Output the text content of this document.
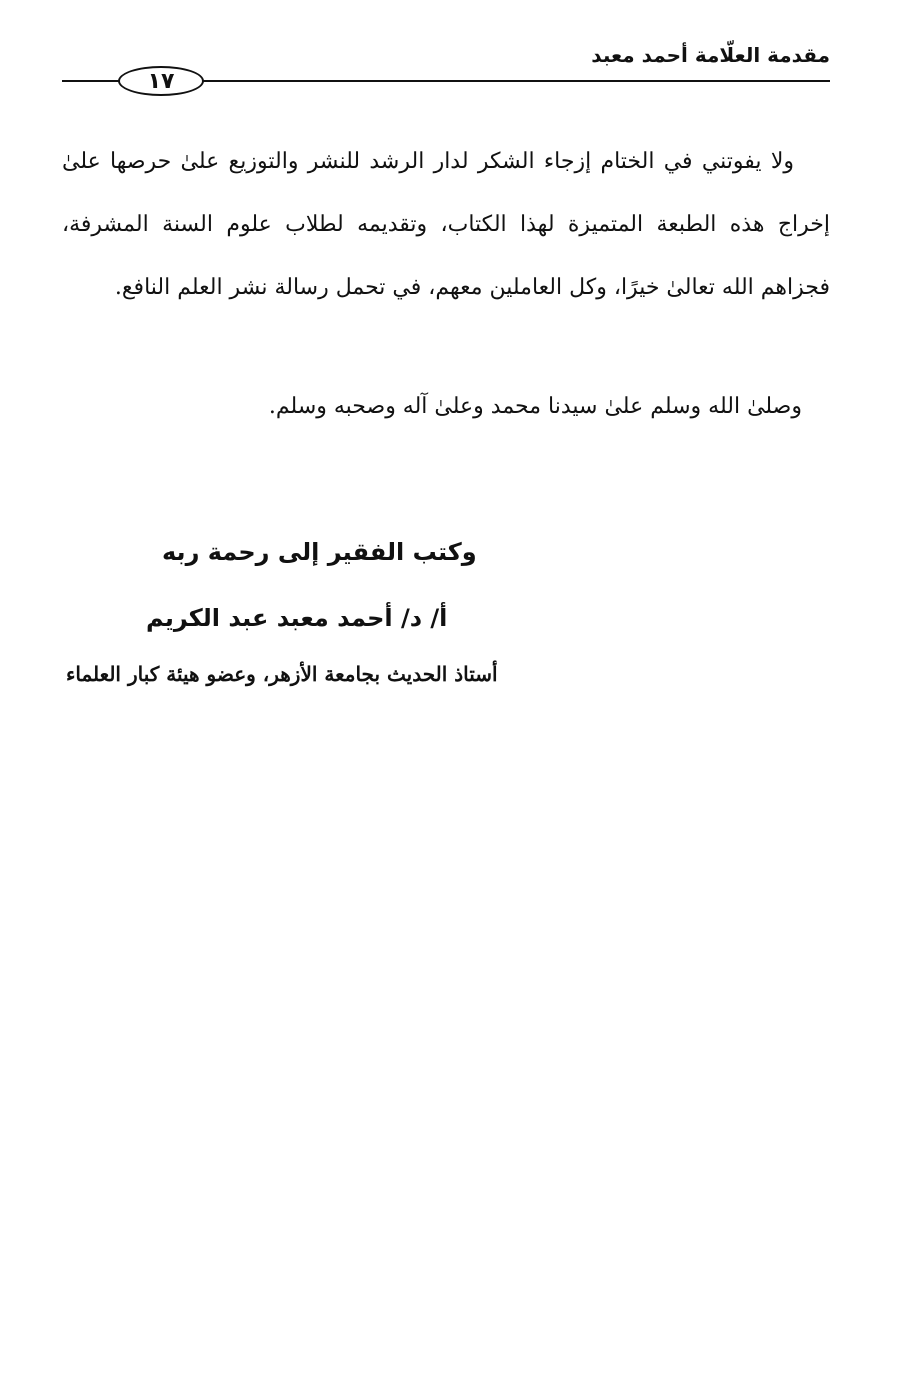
مقدمة العلّامة أحمد معبد
١٧

ولا يفوتني في الختام إزجاء الشكر لدار الرشد للنشر والتوزيع علىٰ حرصها علىٰ إخراج هذه الطبعة المتميزة لهذا الكتاب، وتقديمه لطلاب علوم السنة المشرفة، فجزاهم الله تعالىٰ خيرًا، وكل العاملين معهم، في تحمل رسالة نشر العلم النافع.

وصلىٰ الله وسلم علىٰ سيدنا محمد وعلىٰ آله وصحبه وسلم.
وكتب الفقير إلى رحمة ربه
أ/ د/ أحمد معبد عبد الكريم
أستاذ الحديث بجامعة الأزهر، وعضو هيئة كبار العلماء
